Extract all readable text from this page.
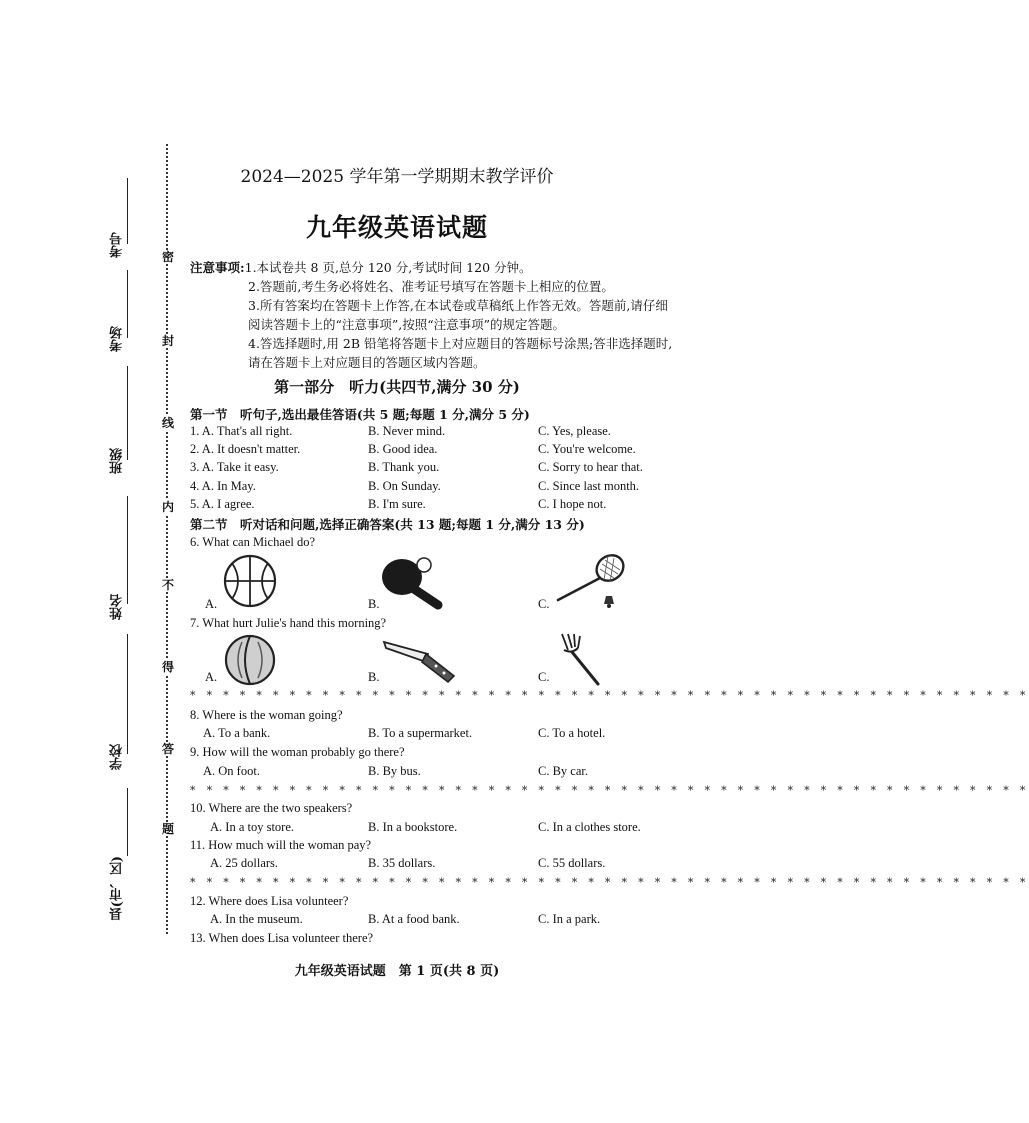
考号
考场
班级
姓名
学校
县(市、区)
密
封
线
内
不
得
答
题
2024—2025 学年第一学期期末教学评价
九年级英语试题
注意事项:1.本试卷共 8 页,总分 120 分,考试时间 120 分钟。
2.答题前,考生务必将姓名、准考证号填写在答题卡上相应的位置。
3.所有答案均在答题卡上作答,在本试卷或草稿纸上作答无效。答题前,请仔细
阅读答题卡上的“注意事项”,按照“注意事项”的规定答题。
4.答选择题时,用 2B 铅笔将答题卡上对应题目的答题标号涂黑;答非选择题时,
请在答题卡上对应题目的答题区域内答题。
第一部分　听力(共四节,满分 30 分)
第一节　听句子,选出最佳答语(共 5 题;每题 1 分,满分 5 分)
1. A. That's all right.	B. Never mind.	C. Yes, please.
2. A. It doesn't matter.	B. Good idea.	C. You're welcome.
3. A. Take it easy.	B. Thank you.	C. Sorry to hear that.
4. A. In May.	B. On Sunday.	C. Since last month.
5. A. I agree.	B. I'm sure.	C. I hope not.
第二节　听对话和问题,选择正确答案(共 13 题;每题 1 分,满分 13 分)
6. What can Michael do?
A.	B.	C.
7. What hurt Julie's hand this morning?
A.	B.	C.
* * * * * * * * * * * * * * * * * * * * * * * * * * * * * * * * * * * * * * * * * * * * * * * * * * *
8. Where is the woman going?
A. To a bank.	B. To a supermarket.	C. To a hotel.
9. How will the woman probably go there?
A. On foot.	B. By bus.	C. By car.
* * * * * * * * * * * * * * * * * * * * * * * * * * * * * * * * * * * * * * * * * * * * * * * * * * *
10. Where are the two speakers?
A. In a toy store.	B. In a bookstore.	C. In a clothes store.
11. How much will the woman pay?
A. 25 dollars.	B. 35 dollars.	C. 55 dollars.
* * * * * * * * * * * * * * * * * * * * * * * * * * * * * * * * * * * * * * * * * * * * * * * * * * *
12. Where does Lisa volunteer?
A. In the museum.	B. At a food bank.	C. In a park.
13. When does Lisa volunteer there?
九年级英语试题　第 1 页(共 8 页)
